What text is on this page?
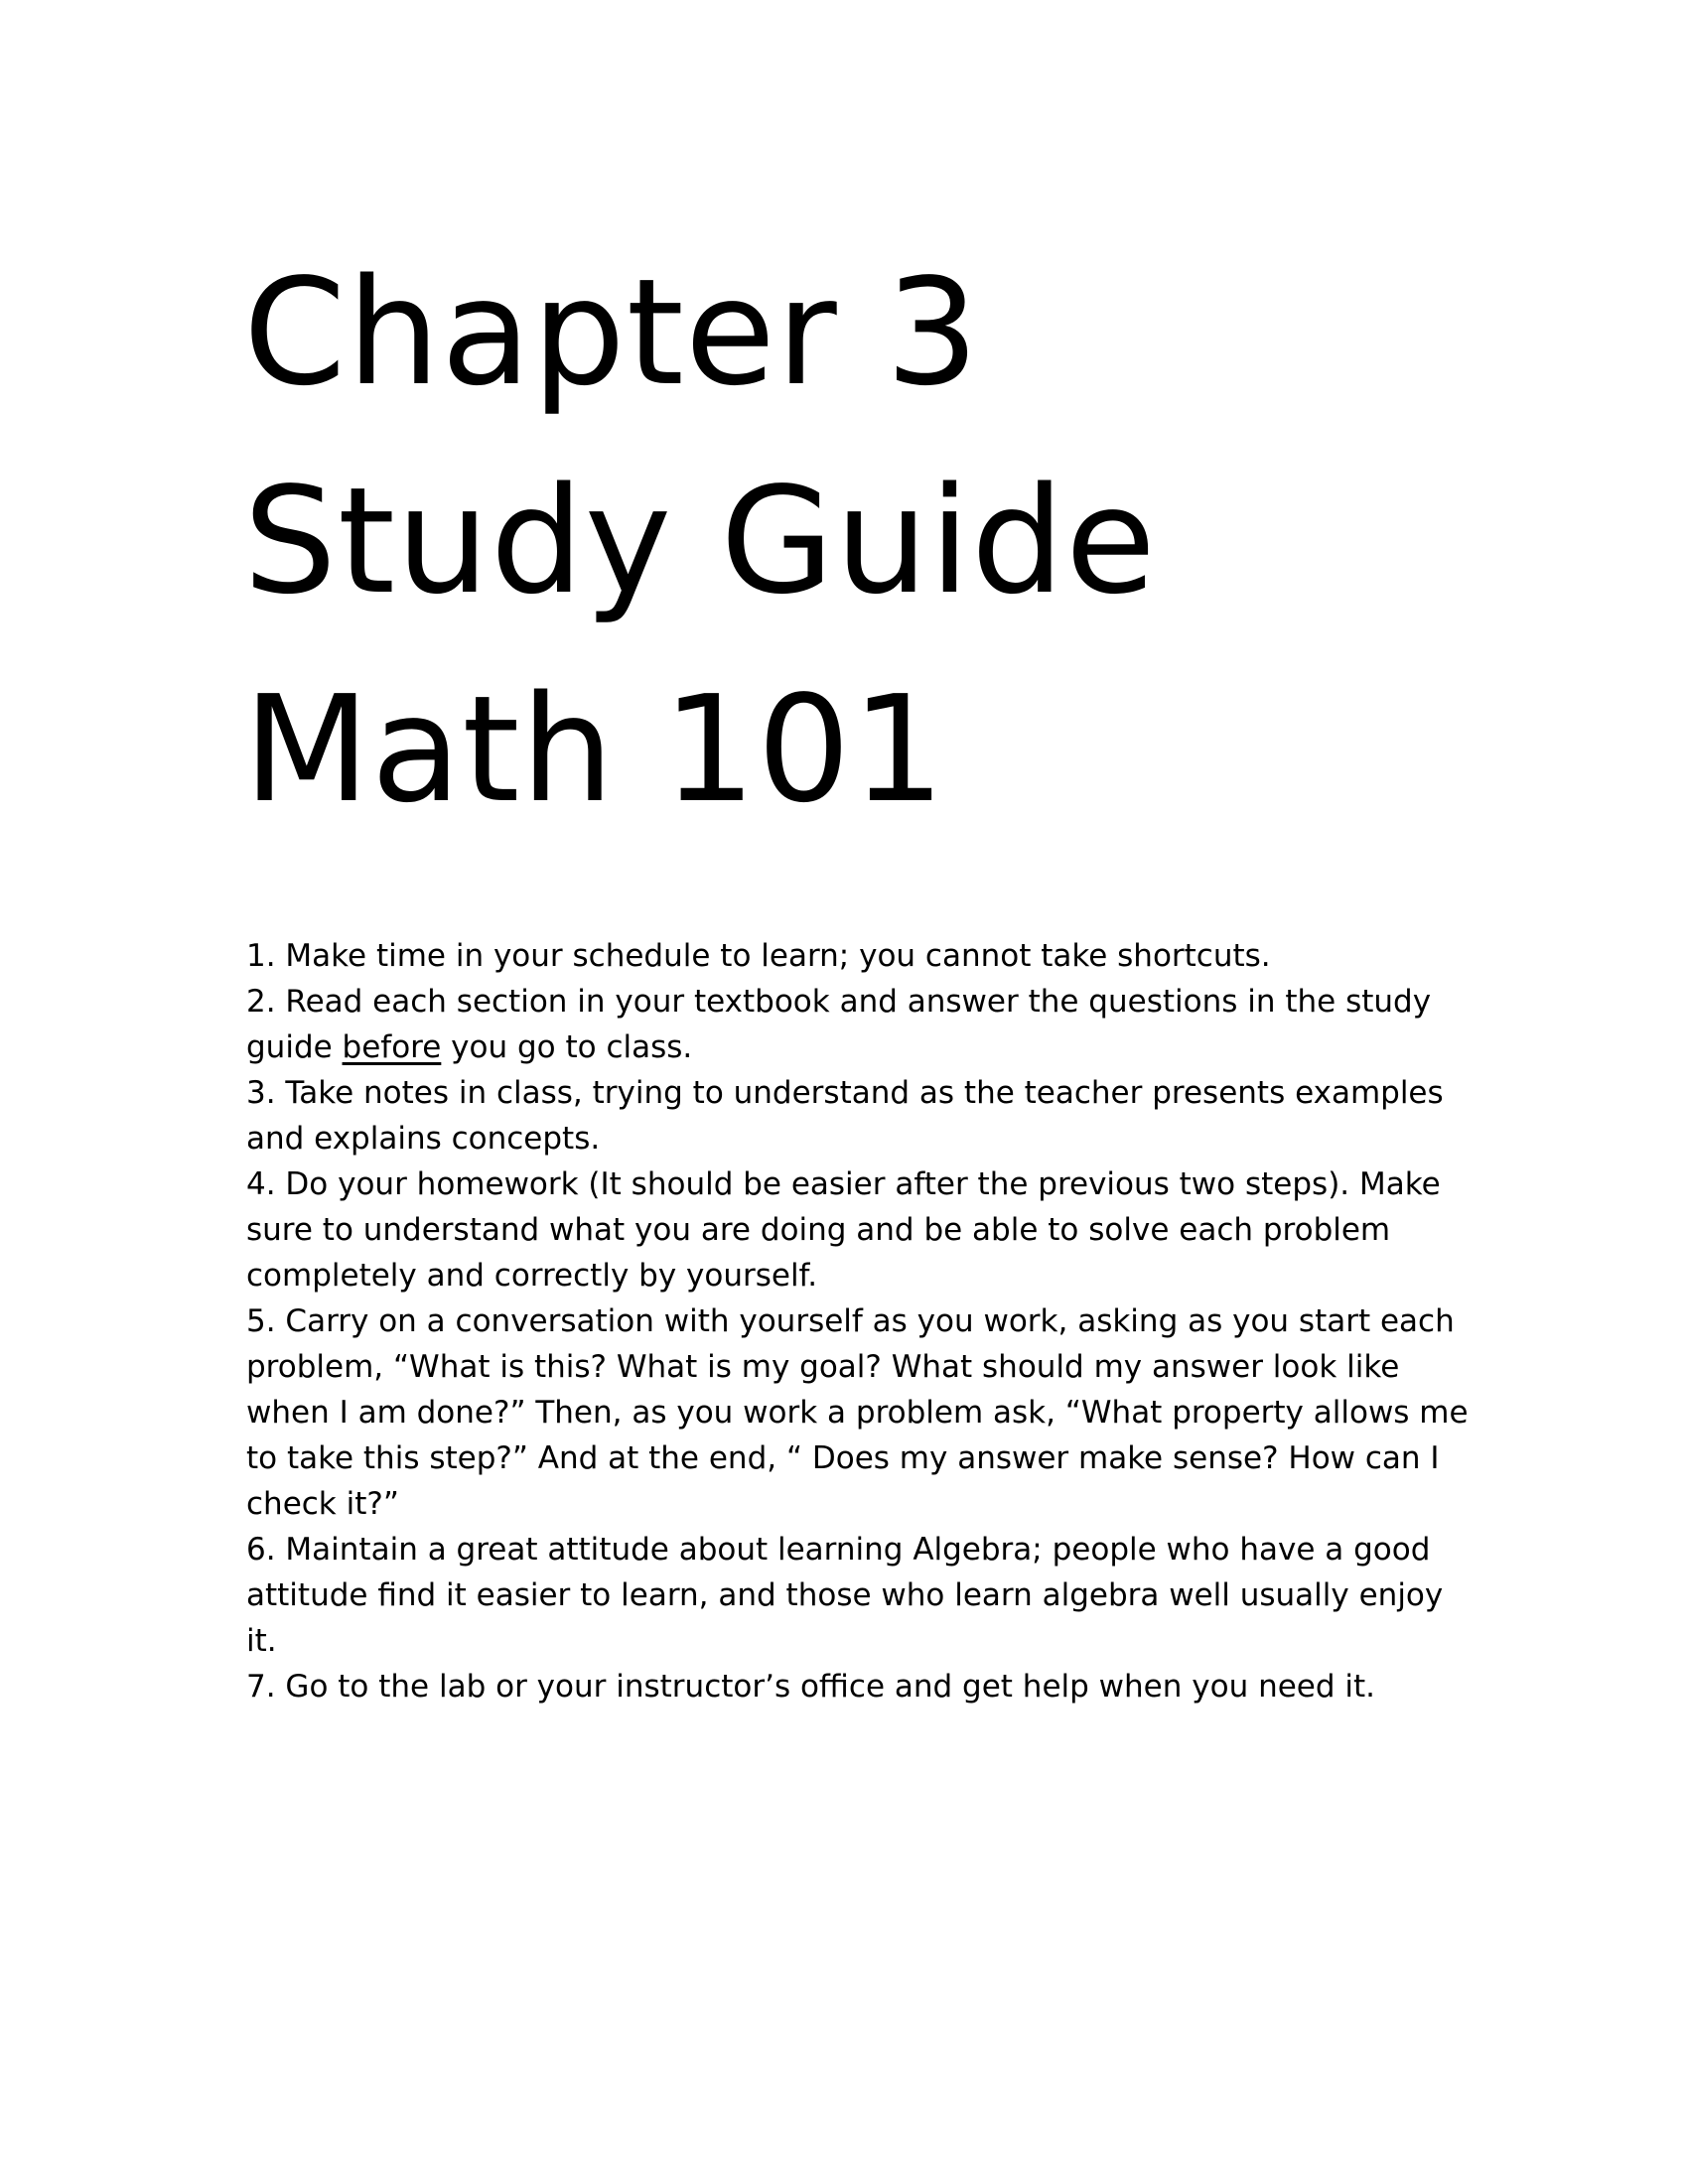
Chapter 3
Study Guide
Math 101

1. Make time in your schedule to learn; you cannot take shortcuts.

2. Read each section in your textbook and answer the questions in the study guide before you go to class.

3. Take notes in class, trying to understand as the teacher presents examples and explains concepts.

4. Do your homework (It should be easier after the previous two steps). Make sure to understand what you are doing and be able to solve each problem completely and correctly by yourself.

5. Carry on a conversation with yourself as you work, asking as you start each problem, “What is this? What is my goal? What should my answer look like when I am done?” Then, as you work a problem ask, “What property allows me to take this step?” And at the end, “ Does my answer make sense? How can I check it?”

6. Maintain a great attitude about learning Algebra; people who have a good attitude find it easier to learn, and those who learn algebra well usually enjoy it.

7. Go to the lab or your instructor’s office and get help when you need it.
